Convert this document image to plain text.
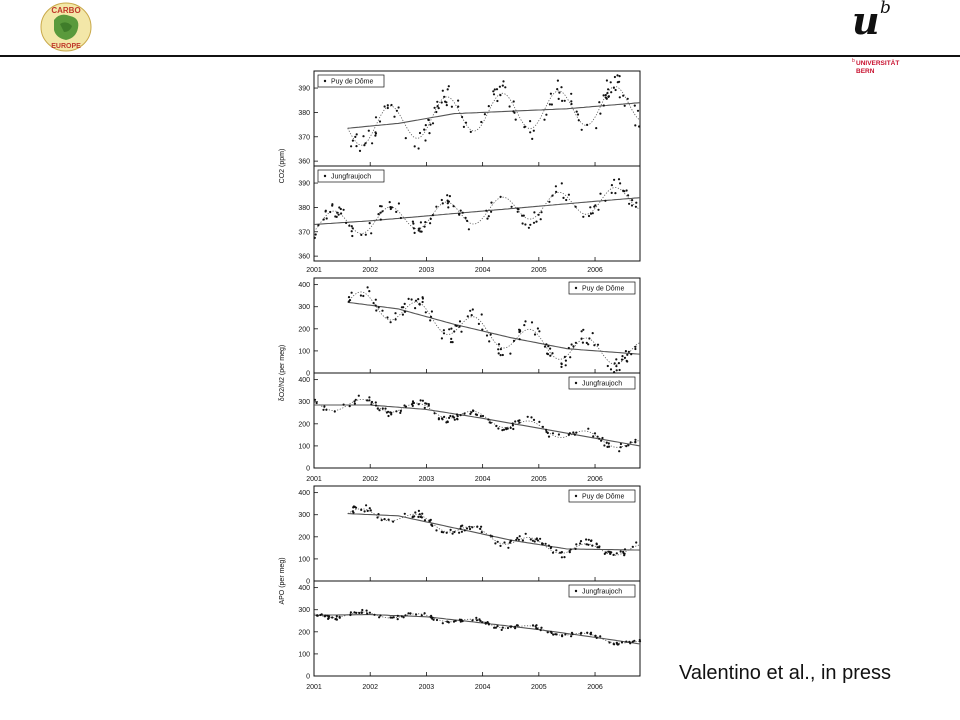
CARBO
EUROPE
u b
b UNIVERSITÄT
BERN
360
370
380
390
Puy de Dôme
360
370
380
390
Jungfraujoch
2001	2002	2003	2004	2005	2006
CO2 (ppm)
0
100
200
300
400	Puy de Dôme
0
100
200
300
400	Jungfraujoch
2001	2002	2003	2004	2005	2006
δO2/N2 (per meg)
0
100
200
300
400	Puy de Dôme
0
100
200
300
400	Jungfraujoch
2001	2002	2003	2004	2005	2006
APO (per meg)
Valentino et al., in press
